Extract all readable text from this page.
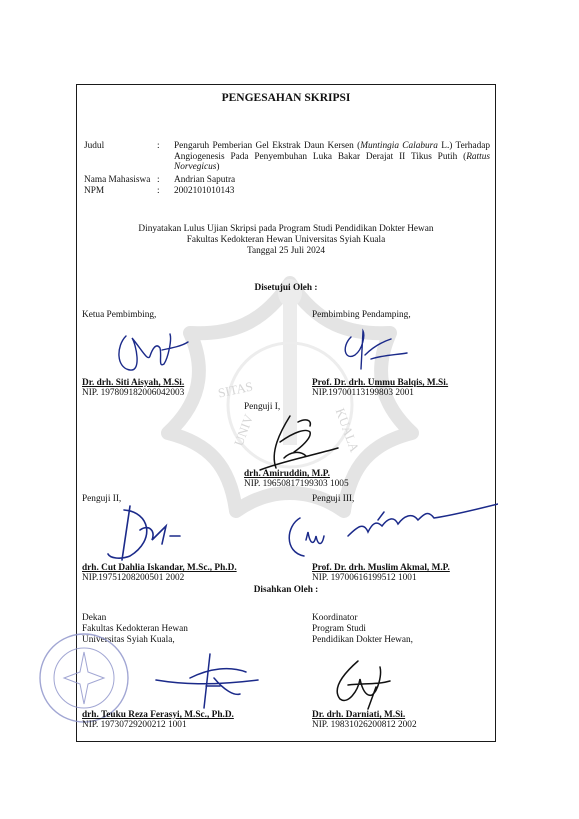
SITAS
UNIV	KUALA
PENGESAHAN SKRIPSI
Judul	: Pengaruh Pemberian Gel Ekstrak Daun Kersen (Muntingia Calabura L.) Terhadap Angiogenesis Pada Penyembuhan Luka Bakar Derajat II Tikus Putih (Rattus Norvegicus)
Nama Mahasiswa : Andrian Saputra
NPM	: 2002101010143
Dinyatakan Lulus Ujian Skripsi pada Program Studi Pendidikan Dokter Hewan
Fakultas Kedokteran Hewan Universitas Syiah Kuala
Tanggal 25 Juli 2024
Disetujui Oleh :
Ketua Pembimbing,
Dr. drh. Siti Aisyah, M.Si.
NIP. 197809182006042003
Pembimbing Pendamping,
Prof. Dr. drh. Ummu Balqis, M.Si.
NIP.19700113199803 2001
Penguji I,
drh. Amiruddin, M.P.
NIP. 19650817199303 1005
Penguji II,
drh. Cut Dahlia Iskandar, M.Sc., Ph.D.
NIP.19751208200501 2002
Penguji III,
Prof. Dr. drh. Muslim Akmal, M.P.
NIP. 19700616199512 1001
Disahkan Oleh :
Dekan
Fakultas Kedokteran Hewan
Universitas Syiah Kuala,
drh. Teuku Reza Ferasyi, M.Sc., Ph.D.
NIP. 19730729200212 1001
Koordinator
Program Studi
Pendidikan Dokter Hewan,
Dr. drh. Darniati, M.Si.
NIP. 19831026200812 2002
